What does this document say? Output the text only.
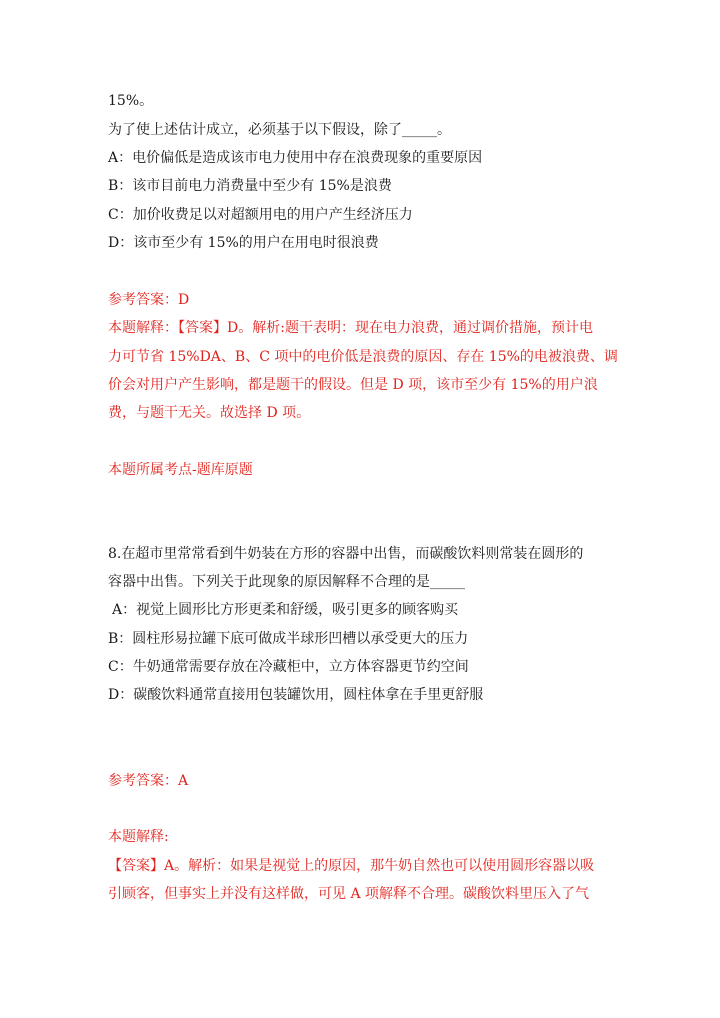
15%。
为了使上述估计成立，必须基于以下假设，除了_____。
A：电价偏低是造成该市电力使用中存在浪费现象的重要原因
B：该市目前电力消费量中至少有 15%是浪费
C：加价收费足以对超额用电的用户产生经济压力
D：该市至少有 15%的用户在用电时很浪费
参考答案：D
本题解释：【答案】D。解析:题干表明：现在电力浪费，通过调价措施，预计电
力可节省 15%DA、B、C 项中的电价低是浪费的原因、存在 15%的电被浪费、调
价会对用户产生影响，都是题干的假设。但是 D 项，该市至少有 15%的用户浪
费，与题干无关。故选择 D 项。
本题所属考点-题库原题
8.在超市里常常看到牛奶装在方形的容器中出售，而碳酸饮料则常装在圆形的
容器中出售。下列关于此现象的原因解释不合理的是_____
A：视觉上圆形比方形更柔和舒缓，吸引更多的顾客购买
B：圆柱形易拉罐下底可做成半球形凹槽以承受更大的压力
C：牛奶通常需要存放在冷藏柜中，立方体容器更节约空间
D：碳酸饮料通常直接用包装罐饮用，圆柱体拿在手里更舒服
参考答案：A
本题解释:
【答案】A。解析：如果是视觉上的原因，那牛奶自然也可以使用圆形容器以吸
引顾客，但事实上并没有这样做，可见 A 项解释不合理。碳酸饮料里压入了气
